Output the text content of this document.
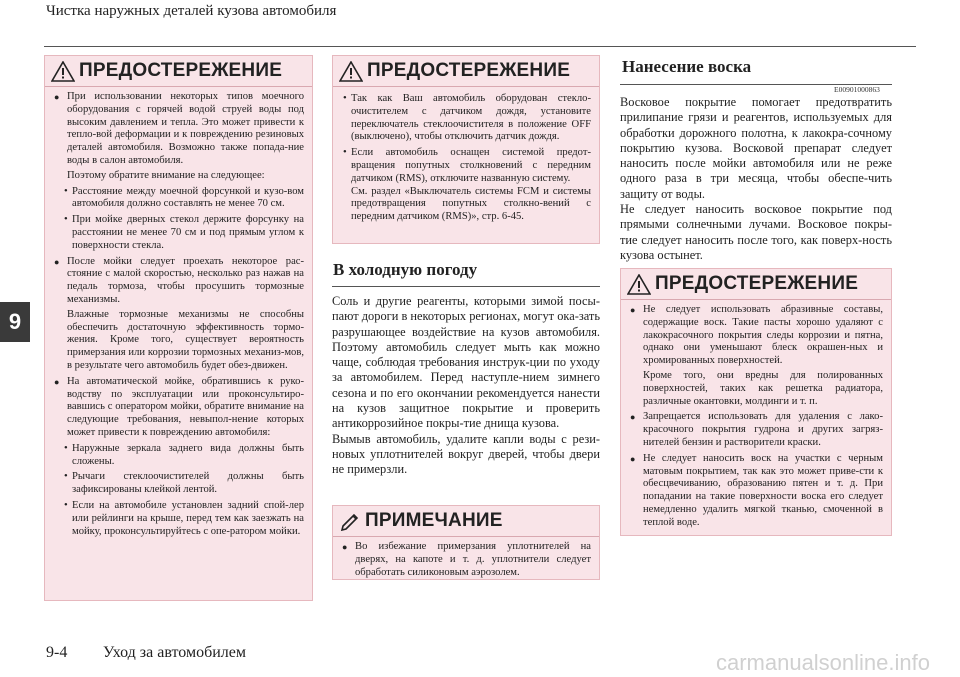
Чистка наружных деталей кузова автомобиля
9
ПРЕДОСТЕРЕЖЕНИЕ
● При использовании некоторых типов моечного оборудования с горячей водой струей воды под высоким давлением и тепла. Это может привести к тепло-вой деформации и к повреждению резиновых деталей автомобиля. Возможно также попада-ние воды в салон автомобиля.
Поэтому обратите внимание на следующее:
• Расстояние между моечной форсункой и кузо-вом автомобиля должно составлять не менее 70 см.
• При мойке дверных стекол держите форсунку на расстоянии не менее 70 см и под прямым углом к поверхности стекла.
● После мойки следует проехать некоторое рас-стояние с малой скоростью, несколько раз нажав на педаль тормоза, чтобы просушить тормозные механизмы.
Влажные тормозные механизмы не способны обеспечить достаточную эффективность тормо-жения. Кроме того, существует вероятность примерзания или коррозии тормозных механиз-мов, в результате чего автомобиль будет обез-движен.
● На автоматической мойке, обратившись к руко-водству по эксплуатации или проконсультиро-вавшись с оператором мойки, обратите внимание на следующие требования, невыпол-нение которых может привести к повреждению автомобиля:
• Наружные зеркала заднего вида должны быть сложены.
• Рычаги стеклоочистителей должны быть зафиксированы клейкой лентой.
• Если на автомобиле установлен задний спой-лер или рейлинги на крыше, перед тем как заезжать на мойку, проконсультируйтесь с опе-ратором мойки.
ПРЕДОСТЕРЕЖЕНИЕ
• Так как Ваш автомобиль оборудован стекло-очистителем с датчиком дождя, установите переключатель стеклоочистителя в положение OFF (выключено), чтобы отключить датчик дождя.
• Если автомобиль оснащен системой предот-вращения попутных столкновений с передним датчиком (RMS), отключите названную систему.
См. раздел «Выключатель системы FCM и системы предотвращения попутных столкно-вений с передним датчиком (RMS)», стр. 6-45.
В холодную погоду
Соль и другие реагенты, которыми зимой посы-пают дороги в некоторых регионах, могут ока-зать разрушающее воздействие на кузов автомобиля. Поэтому автомобиль следует мыть как можно чаще, соблюдая требования инструк-ции по уходу за автомобилем. Перед наступле-нием зимнего сезона и по его окончании рекомендуется нанести на кузов защитное покрытие и проверить антикоррозийное покры-тие днища кузова.
Вымыв автомобиль, удалите капли воды с рези-новых уплотнителей вокруг дверей, чтобы двери не примерзли.
ПРИМЕЧАНИЕ
● Во избежание примерзания уплотнителей на дверях, на капоте и т. д. уплотнители следует обработать силиконовым аэрозолем.
Нанесение воска
E00901000863
Восковое покрытие помогает предотвратить прилипание грязи и реагентов, используемых для обработки дорожного полотна, к лакокра-сочному покрытию кузова. Восковой препарат следует наносить после мойки автомобиля или не реже одного раза в три месяца, чтобы обеспе-чить защиту от воды.
Не следует наносить восковое покрытие под прямыми солнечными лучами. Восковое покры-тие следует наносить после того, как поверх-ность кузова остынет.
ПРЕДОСТЕРЕЖЕНИЕ
● Не следует использовать абразивные составы, содержащие воск. Такие пасты хорошо удаляют с лакокрасочного покрытия следы коррозии и пятна, однако они уменьшают блеск окрашен-ных и хромированных поверхностей.
Кроме того, они вредны для полированных поверхностей, таких как решетка радиатора, различные окантовки, молдинги и т. п.
● Запрещается использовать для удаления с лако-красочного покрытия гудрона и других загряз-нителей бензин и растворители краски.
● Не следует наносить воск на участки с черным матовым покрытием, так как это может приве-сти к обесцвечиванию, образованию пятен и т. д. При попадании на такие поверхности воска его следует немедленно удалить мягкой тканью, смоченной в теплой воде.
9-4 Уход за автомобилем	carmanualsonline.info
